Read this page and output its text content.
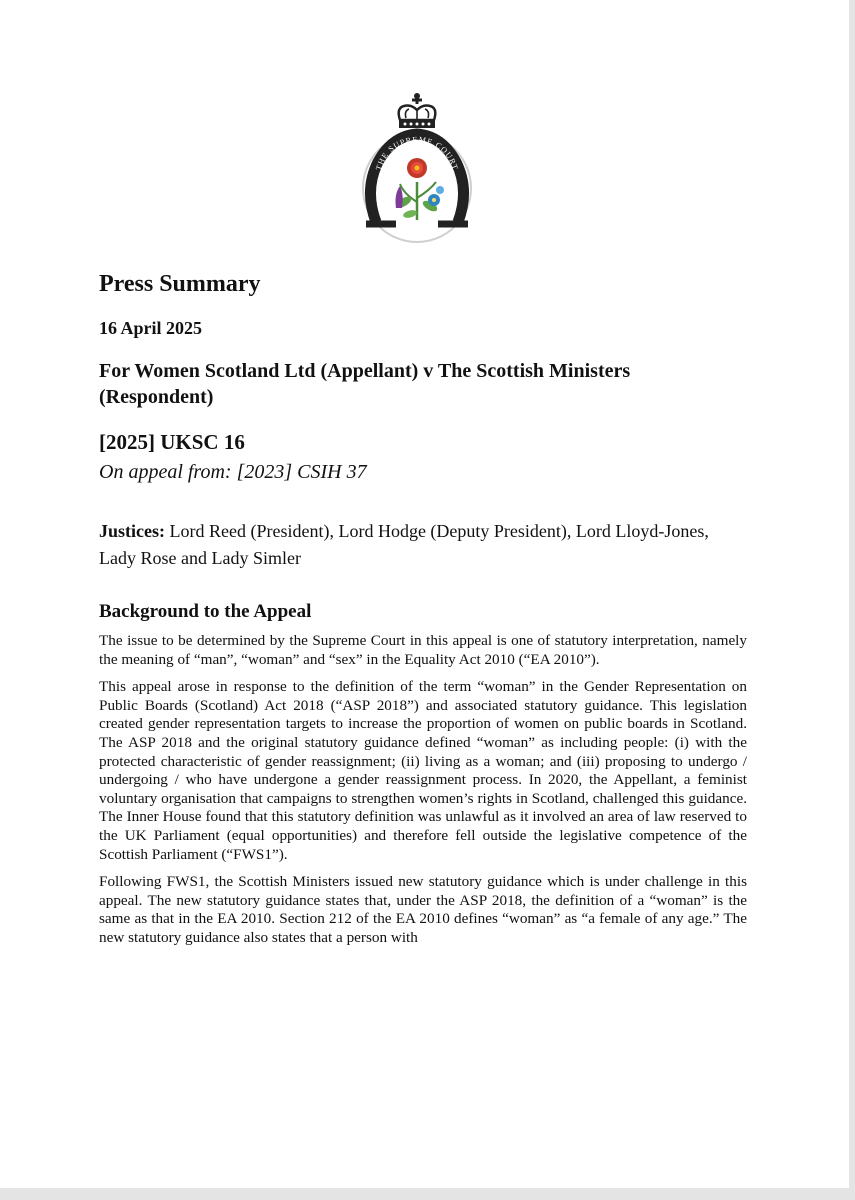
THE SUPREME COURT
Press Summary
16 April 2025
For Women Scotland Ltd (Appellant) v The Scottish Ministers (Respondent)
[2025] UKSC 16
On appeal from: [2023] CSIH 37
Justices: Lord Reed (President), Lord Hodge (Deputy President), Lord Lloyd-Jones, Lady Rose and Lady Simler
Background to the Appeal

The issue to be determined by the Supreme Court in this appeal is one of statutory interpretation, namely the meaning of “man”, “woman” and “sex” in the Equality Act 2010 (“EA 2010”).

This appeal arose in response to the definition of the term “woman” in the Gender Representation on Public Boards (Scotland) Act 2018 (“ASP 2018”) and associated statutory guidance. This legislation created gender representation targets to increase the proportion of women on public boards in Scotland. The ASP 2018 and the original statutory guidance defined “woman” as including people: (i) with the protected characteristic of gender reassignment; (ii) living as a woman; and (iii) proposing to undergo / undergoing / who have undergone a gender reassignment process. In 2020, the Appellant, a feminist voluntary organisation that campaigns to strengthen women’s rights in Scotland, challenged this guidance. The Inner House found that this statutory definition was unlawful as it involved an area of law reserved to the UK Parliament (equal opportunities) and therefore fell outside the legislative competence of the Scottish Parliament (“FWS1”).

Following FWS1, the Scottish Ministers issued new statutory guidance which is under challenge in this appeal. The new statutory guidance states that, under the ASP 2018, the definition of a “woman” is the same as that in the EA 2010. Section 212 of the EA 2010 defines “woman” as “a female of any age.” The new statutory guidance also states that a person with
